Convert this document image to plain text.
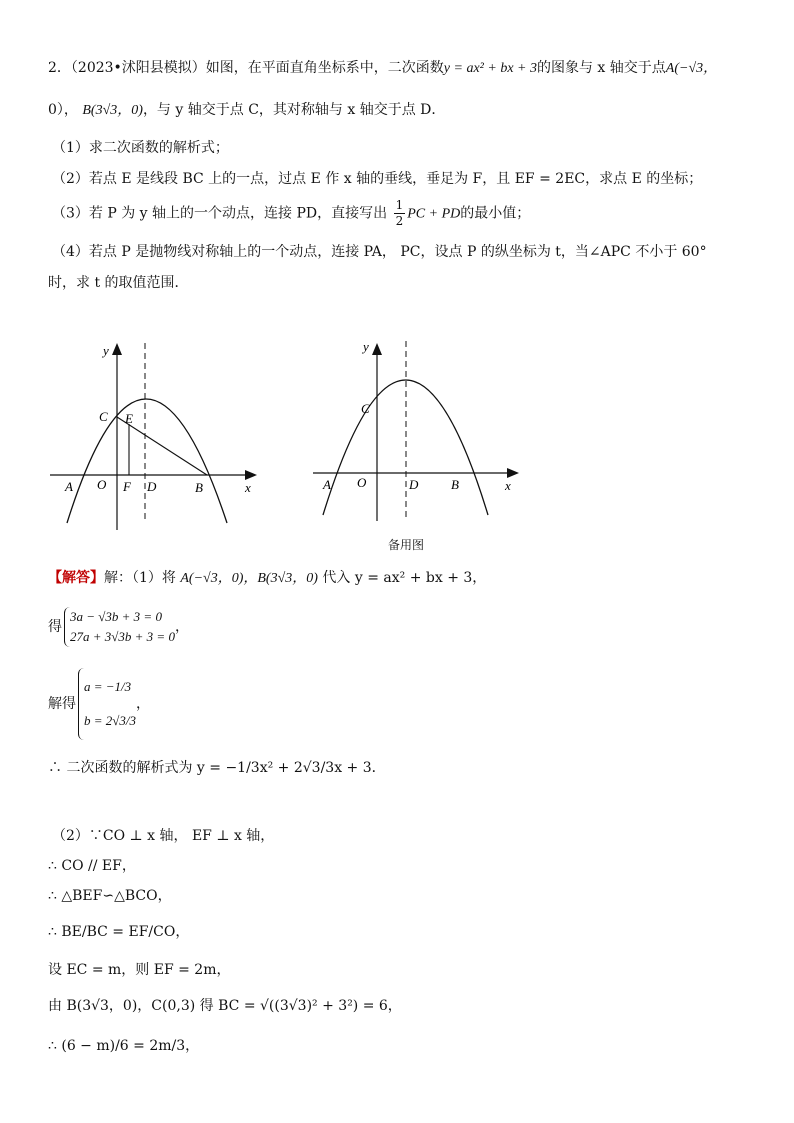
2．（2023•沭阳县模拟）如图，在平面直角坐标系中，二次函数y = ax² + bx + 3的图象与 x 轴交于点A(−√3，
0）， B(3√3，0)，与 y 轴交于点 C，其对称轴与 x 轴交于点 D．
（1）求二次函数的解析式；
（2）若点 E 是线段 BC 上的一点，过点 E 作 x 轴的垂线，垂足为 F，且 EF = 2EC，求点 E 的坐标；
（3）若 P 为 y 轴上的一个动点，连接 PD，直接写出 $\frac{1}{2}$ PC + PD的最小值；
（4）若点 P 是抛物线对称轴上的一个动点，连接 PA， PC，设点 P 的纵坐标为 t，当∠APC 不小于 60°
时，求 t 的取值范围．
y
x
C E
A O F D	B
y
x
C
A O	D	B
备用图
【解答】解：（1）将 A(−√3，0)，B(3√3，0) 代入 y = ax² + bx + 3，
得
3a − √3b + 3 = 0
27a + 3√3b + 3 = 0
，
解得
a = −1/3
b = 2√3/3
，
∴ 二次函数的解析式为 y = −1/3x² + 2√3/3x + 3．
（2）∵CO ⊥ x 轴， EF ⊥ x 轴，
∴ CO // EF，
∴ △BEF∽△BCO，
∴ BE/BC = EF/CO，
设 EC = m，则 EF = 2m，
由 B(3√3，0)，C(0,3) 得 BC = √((3√3)² + 3²) = 6，
∴ (6 − m)/6 = 2m/3，
